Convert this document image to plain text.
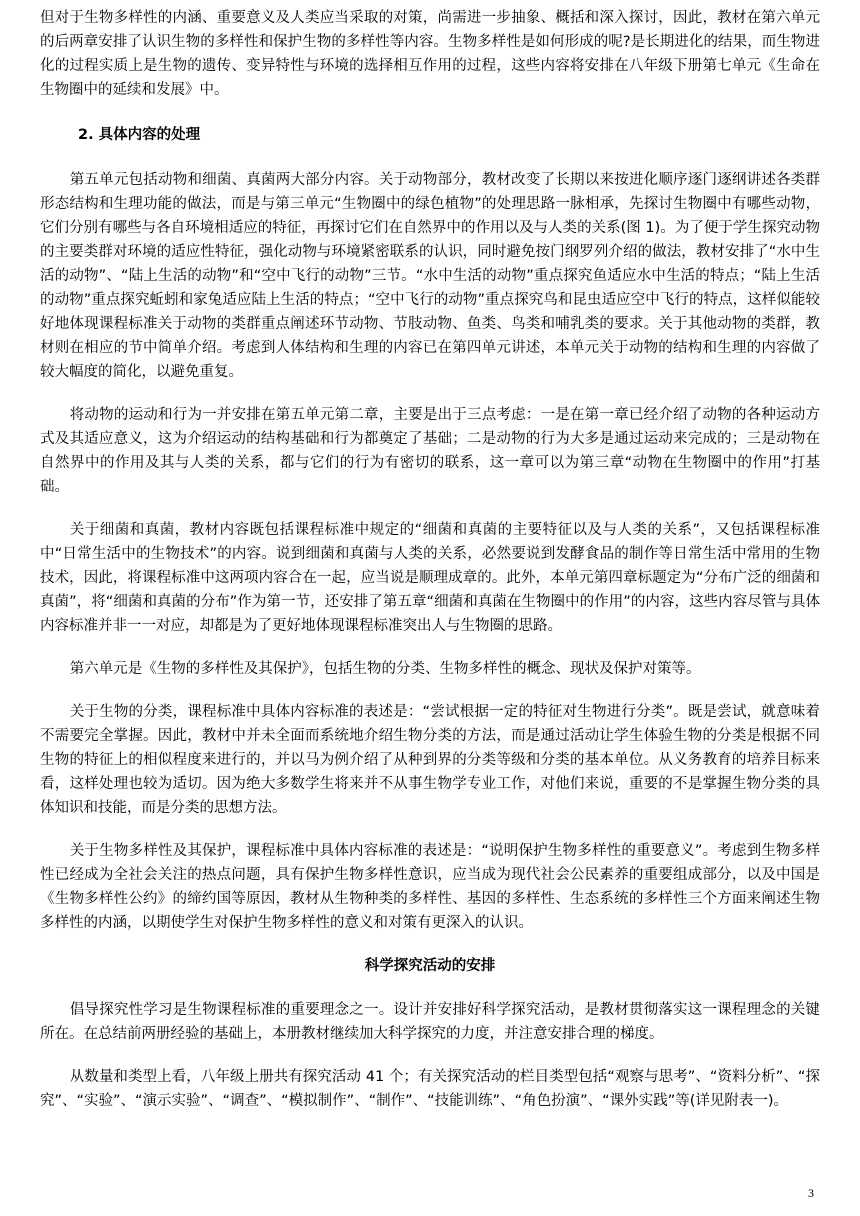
但对于生物多样性的内涵、重要意义及人类应当采取的对策，尚需进一步抽象、概括和深入探讨，因此，教材在第六单元的后两章安排了认识生物的多样性和保护生物的多样性等内容。生物多样性是如何形成的呢?是长期进化的结果，而生物进化的过程实质上是生物的遗传、变异特性与环境的选择相互作用的过程，这些内容将安排在八年级下册第七单元《生命在生物圈中的延续和发展》中。

2. 具体内容的处理

第五单元包括动物和细菌、真菌两大部分内容。关于动物部分，教材改变了长期以来按进化顺序逐门逐纲讲述各类群形态结构和生理功能的做法，而是与第三单元“生物圈中的绿色植物”的处理思路一脉相承，先探讨生物圈中有哪些动物，它们分别有哪些与各自环境相适应的特征，再探讨它们在自然界中的作用以及与人类的关系(图 1)。为了便于学生探究动物的主要类群对环境的适应性特征，强化动物与环境紧密联系的认识，同时避免按门纲罗列介绍的做法，教材安排了“水中生活的动物”、“陆上生活的动物”和“空中飞行的动物”三节。“水中生活的动物”重点探究鱼适应水中生活的特点；“陆上生活的动物”重点探究蚯蚓和家兔适应陆上生活的特点；“空中飞行的动物”重点探究鸟和昆虫适应空中飞行的特点，这样似能较好地体现课程标准关于动物的类群重点阐述环节动物、节肢动物、鱼类、鸟类和哺乳类的要求。关于其他动物的类群，教材则在相应的节中简单介绍。考虑到人体结构和生理的内容已在第四单元讲述，本单元关于动物的结构和生理的内容做了较大幅度的简化，以避免重复。

将动物的运动和行为一并安排在第五单元第二章，主要是出于三点考虑：一是在第一章已经介绍了动物的各种运动方式及其适应意义，这为介绍运动的结构基础和行为都奠定了基础；二是动物的行为大多是通过运动来完成的；三是动物在自然界中的作用及其与人类的关系，都与它们的行为有密切的联系，这一章可以为第三章“动物在生物圈中的作用”打基础。

关于细菌和真菌，教材内容既包括课程标准中规定的“细菌和真菌的主要特征以及与人类的关系”，又包括课程标准中“日常生活中的生物技术”的内容。说到细菌和真菌与人类的关系，必然要说到发酵食品的制作等日常生活中常用的生物技术，因此，将课程标准中这两项内容合在一起，应当说是顺理成章的。此外，本单元第四章标题定为“分布广泛的细菌和真菌”，将“细菌和真菌的分布”作为第一节，还安排了第五章“细菌和真菌在生物圈中的作用”的内容，这些内容尽管与具体内容标准并非一一对应，却都是为了更好地体现课程标准突出人与生物圈的思路。

第六单元是《生物的多样性及其保护》，包括生物的分类、生物多样性的概念、现状及保护对策等。

关于生物的分类，课程标准中具体内容标准的表述是：“尝试根据一定的特征对生物进行分类”。既是尝试，就意味着不需要完全掌握。因此，教材中并未全面而系统地介绍生物分类的方法，而是通过活动让学生体验生物的分类是根据不同生物的特征上的相似程度来进行的，并以马为例介绍了从种到界的分类等级和分类的基本单位。从义务教育的培养目标来看，这样处理也较为适切。因为绝大多数学生将来并不从事生物学专业工作，对他们来说，重要的不是掌握生物分类的具体知识和技能，而是分类的思想方法。

关于生物多样性及其保护，课程标准中具体内容标准的表述是：“说明保护生物多样性的重要意义”。考虑到生物多样性已经成为全社会关注的热点问题，具有保护生物多样性意识，应当成为现代社会公民素养的重要组成部分，以及中国是《生物多样性公约》的缔约国等原因，教材从生物种类的多样性、基因的多样性、生态系统的多样性三个方面来阐述生物多样性的内涵，以期使学生对保护生物多样性的意义和对策有更深入的认识。

科学探究活动的安排

倡导探究性学习是生物课程标准的重要理念之一。设计并安排好科学探究活动，是教材贯彻落实这一课程理念的关键所在。在总结前两册经验的基础上，本册教材继续加大科学探究的力度，并注意安排合理的梯度。

从数量和类型上看，八年级上册共有探究活动 41 个；有关探究活动的栏目类型包括“观察与思考”、“资料分析”、“探究”、“实验”、“演示实验”、“调查”、“模拟制作”、“制作”、“技能训练”、“角色扮演”、“课外实践”等(详见附表一)。

3
